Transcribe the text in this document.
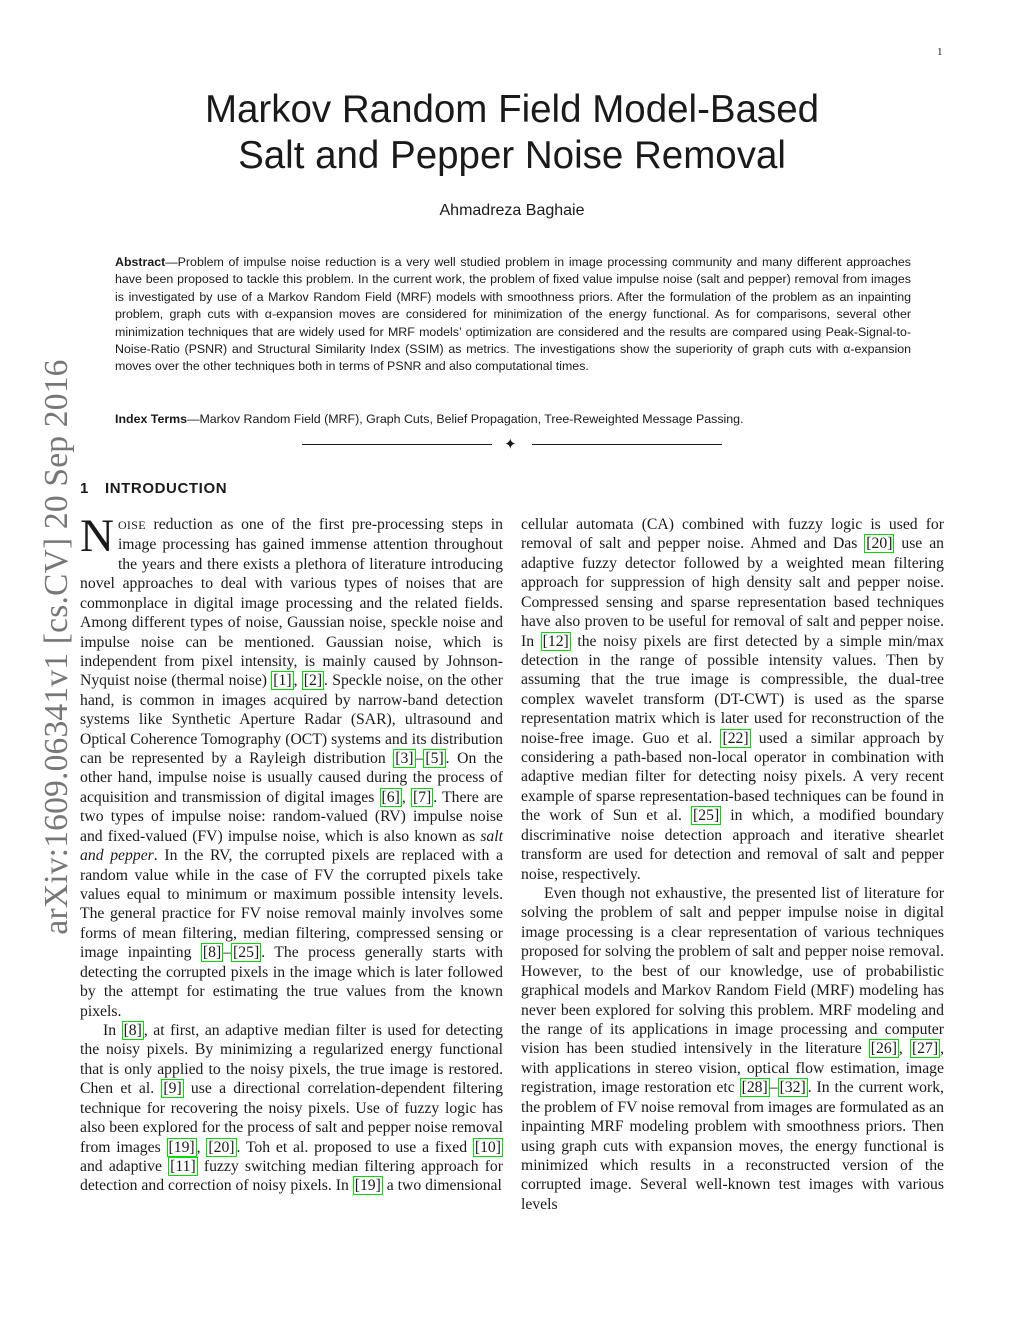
1
arXiv:1609.06341v1 [cs.CV] 20 Sep 2016
Markov Random Field Model-Based
Salt and Pepper Noise Removal
Ahmadreza Baghaie

Abstract—Problem of impulse noise reduction is a very well studied problem in image processing community and many different approaches have been proposed to tackle this problem. In the current work, the problem of fixed value impulse noise (salt and pepper) removal from images is investigated by use of a Markov Random Field (MRF) models with smoothness priors. After the formulation of the problem as an inpainting problem, graph cuts with α-expansion moves are considered for minimization of the energy functional. As for comparisons, several other minimization techniques that are widely used for MRF models’ optimization are considered and the results are compared using Peak-Signal-to-Noise-Ratio (PSNR) and Structural Similarity Index (SSIM) as metrics. The investigations show the superiority of graph cuts with α-expansion moves over the other techniques both in terms of PSNR and also computational times.

Index Terms—Markov Random Field (MRF), Graph Cuts, Belief Propagation, Tree-Reweighted Message Passing.

✦
1 INTRODUCTION

NOISE reduction as one of the first pre-processing steps in image processing has gained immense attention throughout the years and there exists a plethora of literature introducing novel approaches to deal with various types of noises that are commonplace in digital image processing and the related fields. Among different types of noise, Gaussian noise, speckle noise and impulse noise can be mentioned. Gaussian noise, which is independent from pixel intensity, is mainly caused by Johnson-Nyquist noise (thermal noise) [1] , [2] . Speckle noise, on the other hand, is common in images acquired by narrow-band detection systems like Synthetic Aperture Radar (SAR), ultrasound and Optical Coherence Tomography (OCT) systems and its distribution can be represented by a Rayleigh distribution [3] – [5] . On the other hand, impulse noise is usually caused during the process of acquisition and transmission of digital images [6] , [7] . There are two types of impulse noise: random-valued (RV) impulse noise and fixed-valued (FV) impulse noise, which is also known as salt and pepper. In the RV, the corrupted pixels are replaced with a random value while in the case of FV the corrupted pixels take values equal to minimum or maximum possible intensity levels. The general practice for FV noise removal mainly involves some forms of mean filtering, median filtering, compressed sensing or image inpainting [8] – [25] . The process generally starts with detecting the corrupted pixels in the image which is later followed by the attempt for estimating the true values from the known pixels.

In [8] , at first, an adaptive median filter is used for detecting the noisy pixels. By minimizing a regularized energy functional that is only applied to the noisy pixels, the true image is restored. Chen et al. [9] use a directional correlation-dependent filtering technique for recovering the noisy pixels. Use of fuzzy logic has also been explored for the process of salt and pepper noise removal from images [19] , [20] . Toh et al. proposed to use a fixed [10] and adaptive [11] fuzzy switching median filtering approach for detection and correction of noisy pixels. In [19] a two dimensional

cellular automata (CA) combined with fuzzy logic is used for removal of salt and pepper noise. Ahmed and Das [20] use an adaptive fuzzy detector followed by a weighted mean filtering approach for suppression of high density salt and pepper noise. Compressed sensing and sparse representation based techniques have also proven to be useful for removal of salt and pepper noise. In [12] the noisy pixels are first detected by a simple min/max detection in the range of possible intensity values. Then by assuming that the true image is compressible, the dual-tree complex wavelet transform (DT-CWT) is used as the sparse representation matrix which is later used for reconstruction of the noise-free image. Guo et al. [22] used a similar approach by considering a path-based non-local operator in combination with adaptive median filter for detecting noisy pixels. A very recent example of sparse representation-based techniques can be found in the work of Sun et al. [25] in which, a modified boundary discriminative noise detection approach and iterative shearlet transform are used for detection and removal of salt and pepper noise, respectively.

Even though not exhaustive, the presented list of literature for solving the problem of salt and pepper impulse noise in digital image processing is a clear representation of various techniques proposed for solving the problem of salt and pepper noise removal. However, to the best of our knowledge, use of probabilistic graphical models and Markov Random Field (MRF) modeling has never been explored for solving this problem. MRF modeling and the range of its applications in image processing and computer vision has been studied intensively in the literature [26] , [27] , with applications in stereo vision, optical flow estimation, image registration, image restoration etc [28] – [32] . In the current work, the problem of FV noise removal from images are formulated as an inpainting MRF modeling problem with smoothness priors. Then using graph cuts with expansion moves, the energy functional is minimized which results in a reconstructed version of the corrupted image. Several well-known test images with various levels
